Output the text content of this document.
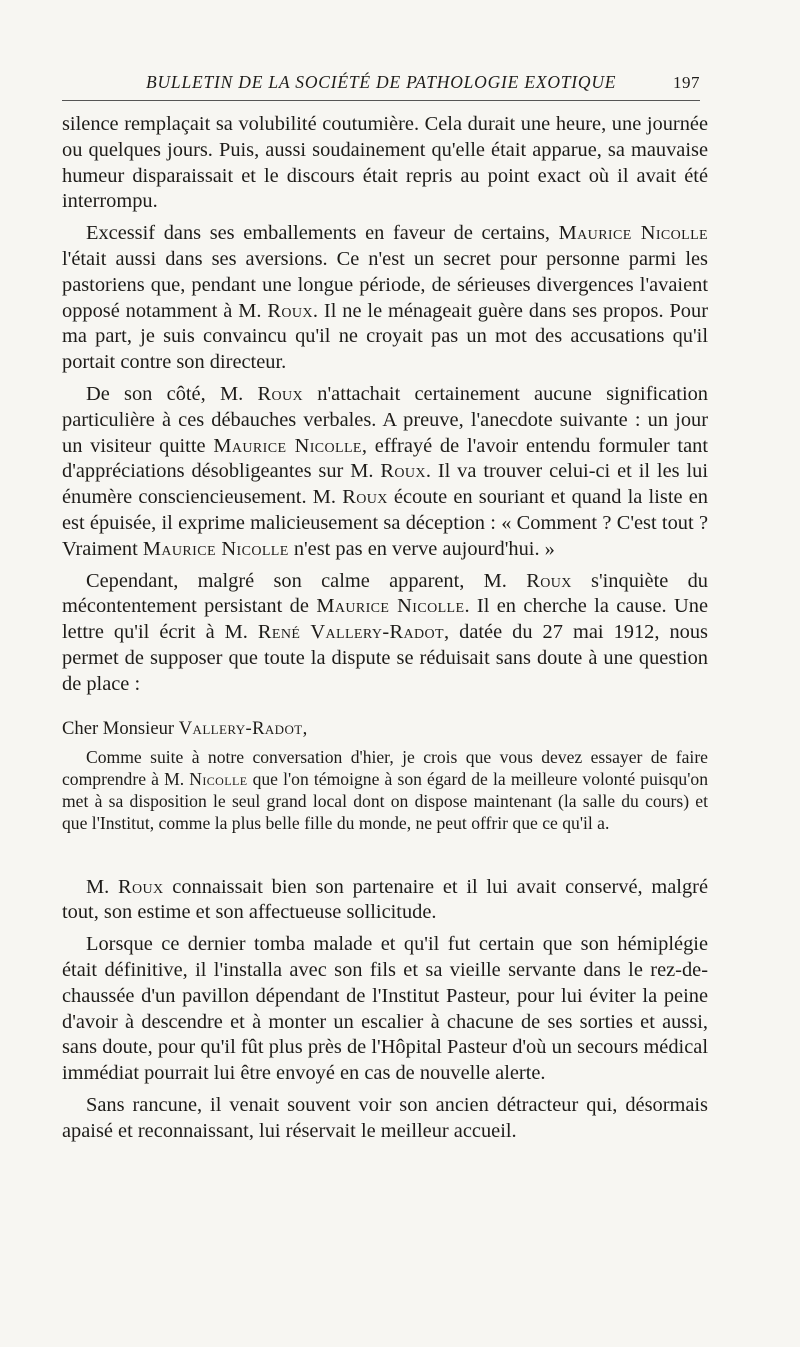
BULLETIN DE LA SOCIÉTÉ DE PATHOLOGIE EXOTIQUE	197

silence remplaçait sa volubilité coutumière. Cela durait une heure, une journée ou quelques jours. Puis, aussi soudainement qu'elle était apparue, sa mauvaise humeur disparaissait et le discours était repris au point exact où il avait été interrompu.

Excessif dans ses emballements en faveur de certains, Maurice Nicolle l'était aussi dans ses aversions. Ce n'est un secret pour personne parmi les pastoriens que, pendant une longue période, de sérieuses divergences l'avaient opposé notamment à M. Roux. Il ne le ménageait guère dans ses propos. Pour ma part, je suis convaincu qu'il ne croyait pas un mot des accusations qu'il portait contre son directeur.

De son côté, M. Roux n'attachait certainement aucune signification particulière à ces débauches verbales. A preuve, l'anecdote suivante : un jour un visiteur quitte Maurice Nicolle, effrayé de l'avoir entendu formuler tant d'appréciations désobligeantes sur M. Roux. Il va trouver celui-ci et il les lui énumère consciencieusement. M. Roux écoute en souriant et quand la liste en est épuisée, il exprime malicieusement sa déception : « Comment ? C'est tout ? Vraiment Maurice Nicolle n'est pas en verve aujourd'hui. »

Cependant, malgré son calme apparent, M. Roux s'inquiète du mécontentement persistant de Maurice Nicolle. Il en cherche la cause. Une lettre qu'il écrit à M. René Vallery-Radot, datée du 27 mai 1912, nous permet de supposer que toute la dispute se réduisait sans doute à une question de place :

Cher Monsieur Vallery-Radot,

Comme suite à notre conversation d'hier, je crois que vous devez essayer de faire comprendre à M. Nicolle que l'on témoigne à son égard de la meilleure volonté puisqu'on met à sa disposition le seul grand local dont on dispose maintenant (la salle du cours) et que l'Institut, comme la plus belle fille du monde, ne peut offrir que ce qu'il a.

M. Roux connaissait bien son partenaire et il lui avait conservé, malgré tout, son estime et son affectueuse sollicitude.

Lorsque ce dernier tomba malade et qu'il fut certain que son hémiplégie était définitive, il l'installa avec son fils et sa vieille servante dans le rez-de-chaussée d'un pavillon dépendant de l'Institut Pasteur, pour lui éviter la peine d'avoir à descendre et à monter un escalier à chacune de ses sorties et aussi, sans doute, pour qu'il fût plus près de l'Hôpital Pasteur d'où un secours médical immédiat pourrait lui être envoyé en cas de nouvelle alerte.

Sans rancune, il venait souvent voir son ancien détracteur qui, désormais apaisé et reconnaissant, lui réservait le meilleur accueil.
